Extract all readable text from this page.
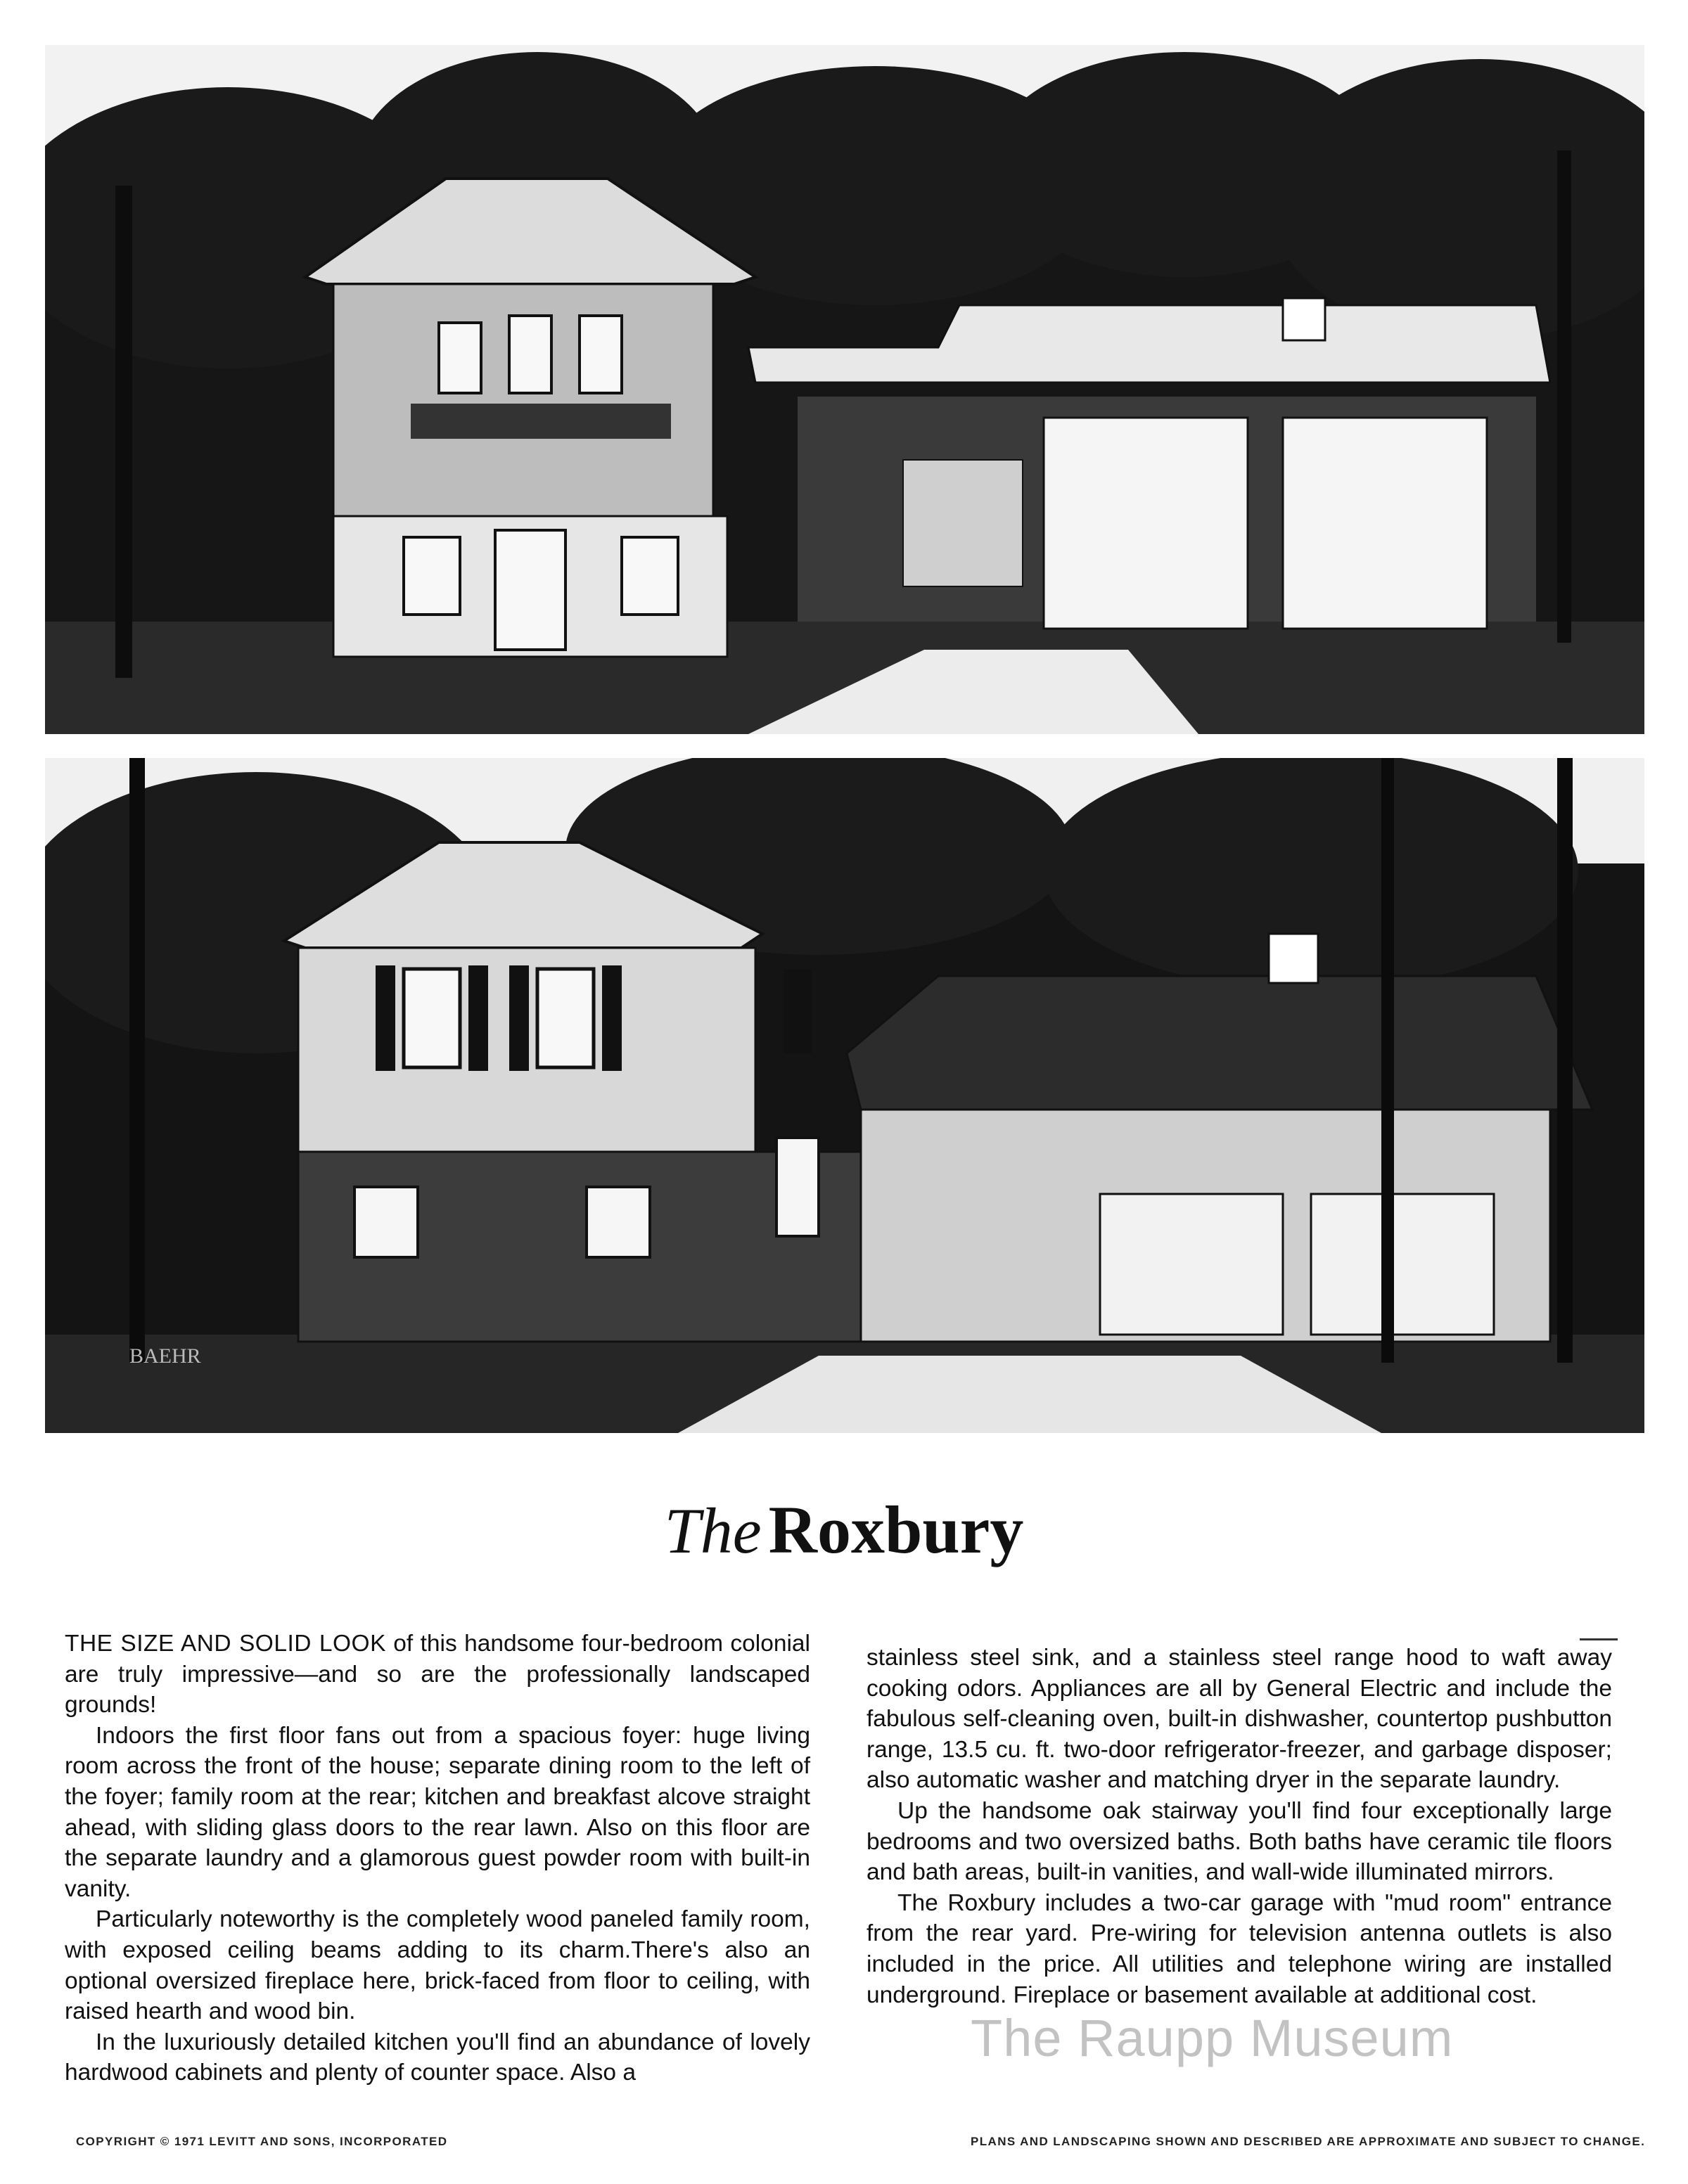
BAEHR
The Roxbury

THE SIZE AND SOLID LOOK of this handsome four-bedroom colonial are truly impressive—and so are the professionally landscaped grounds!

Indoors the first floor fans out from a spacious foyer: huge living room across the front of the house; separate dining room to the left of the foyer; family room at the rear; kitchen and breakfast alcove straight ahead, with sliding glass doors to the rear lawn. Also on this floor are the separate laundry and a glamorous guest powder room with built-in vanity.

Particularly noteworthy is the completely wood paneled family room, with exposed ceiling beams adding to its charm.There's also an optional oversized fireplace here, brick-faced from floor to ceiling, with raised hearth and wood bin.

In the luxuriously detailed kitchen you'll find an abundance of lovely hardwood cabinets and plenty of counter space. Also a

stainless steel sink, and a stainless steel range hood to waft away cooking odors. Appliances are all by General Electric and include the fabulous self-cleaning oven, built-in dishwasher, countertop pushbutton range, 13.5 cu. ft. two-door refrigerator-freezer, and garbage disposer; also automatic washer and matching dryer in the separate laundry.

Up the handsome oak stairway you'll find four exceptionally large bedrooms and two oversized baths. Both baths have ceramic tile floors and bath areas, built-in vanities, and wall-wide illuminated mirrors.

The Roxbury includes a two-car garage with "mud room" entrance from the rear yard. Pre-wiring for television antenna outlets is also included in the price. All utilities and telephone wiring are installed underground. Fireplace or basement available at additional cost.

The Raupp Museum
COPYRIGHT © 1971 LEVITT AND SONS, INCORPORATED	PLANS AND LANDSCAPING SHOWN AND DESCRIBED ARE APPROXIMATE AND SUBJECT TO CHANGE.
